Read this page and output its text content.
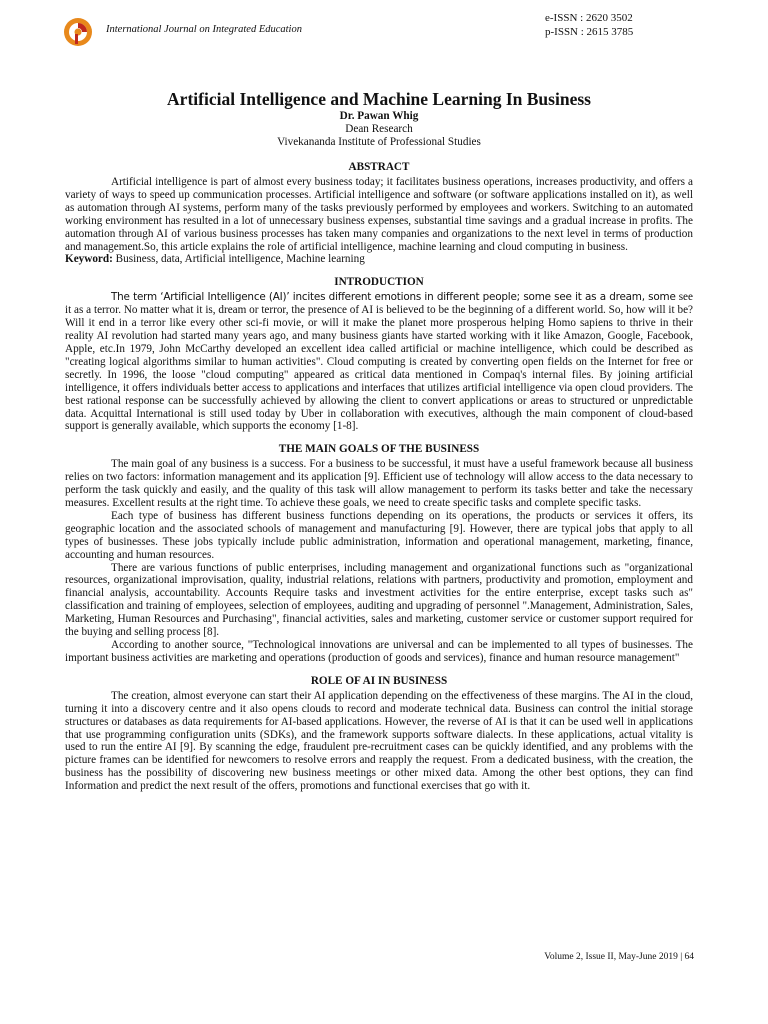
International Journal on Integrated Education
e-ISSN : 2620 3502
p-ISSN : 2615 3785
Artificial Intelligence and Machine Learning In Business
Dr. Pawan Whig
Dean Research
Vivekananda Institute of Professional Studies
ABSTRACT

Artificial intelligence is part of almost every business today; it facilitates business operations, increases productivity, and offers a variety of ways to speed up communication processes. Artificial intelligence and software (or software applications installed on it), as well as automation through AI systems, perform many of the tasks previously performed by employees and workers. Switching to an automated working environment has resulted in a lot of unnecessary business expenses, substantial time savings and a gradual increase in profits. The automation through AI of various business processes has taken many companies and organizations to the next level in terms of production and management.So, this article explains the role of artificial intelligence, machine learning and cloud computing in business.

Keyword: Business, data, Artificial intelligence, Machine learning

INTRODUCTION

The term ‘Artificial Intelligence (AI)’ incites different emotions in different people; some see it as a dream, some see it as a terror. No matter what it is, dream or terror, the presence of AI is believed to be the beginning of a different world. So, how will it be? Will it end in a terror like every other sci-fi movie, or will it make the planet more prosperous helping Homo sapiens to thrive in their reality AI revolution had started many years ago, and many business giants have started working with it like Amazon, Google, Facebook, Apple, etc.In 1979, John McCarthy developed an excellent idea called artificial or machine intelligence, which could be described as "creating logical algorithms similar to human activities". Cloud computing is created by converting open fields on the Internet for free or secretly. In 1996, the loose "cloud computing" appeared as critical data mentioned in Compaq's internal files. By joining artificial intelligence, it offers individuals better access to applications and interfaces that utilizes artificial intelligence via open cloud providers. The best rational response can be successfully achieved by allowing the client to convert applications or areas to structured or unpredictable data. Acquittal International is still used today by Uber in collaboration with executives, although the main component of cloud-based support is generally available, which supports the economy [1-8].

THE MAIN GOALS OF THE BUSINESS

The main goal of any business is a success. For a business to be successful, it must have a useful framework because all business relies on two factors: information management and its application [9]. Efficient use of technology will allow access to the data necessary to perform the task quickly and easily, and the quality of this task will allow management to perform its tasks better and take the necessary measures. Excellent results at the right time. To achieve these goals, we need to create specific tasks and complete specific tasks.

Each type of business has different business functions depending on its operations, the products or services it offers, its geographic location and the associated schools of management and manufacturing [9]. However, there are typical jobs that apply to all types of businesses. These jobs typically include public administration, information and operational management, marketing, finance, accounting and human resources.

There are various functions of public enterprises, including management and organizational functions such as "organizational resources, organizational improvisation, quality, industrial relations, relations with partners, productivity and promotion, employment and financial analysis, accountability. Accounts Require tasks and investment activities for the entire enterprise, except tasks such as" classification and training of employees, selection of employees, auditing and upgrading of personnel ".Management, Administration, Sales, Marketing, Human Resources and Purchasing", financial activities, sales and marketing, customer service or customer support required for the buying and selling process [8].

According to another source, "Technological innovations are universal and can be implemented to all types of businesses. The important business activities are marketing and operations (production of goods and services), finance and human resource management"

ROLE OF AI IN BUSINESS

The creation, almost everyone can start their AI application depending on the effectiveness of these margins. The AI in the cloud, turning it into a discovery centre and it also opens clouds to record and moderate technical data. Business can control the initial storage structures or databases as data requirements for AI-based applications. However, the reverse of AI is that it can be used well in applications that use programming configuration units (SDKs), and the framework supports software dialects. In these applications, actual vitality is used to run the entire AI [9]. By scanning the edge, fraudulent pre-recruitment cases can be quickly identified, and any problems with the picture frames can be identified for newcomers to resolve errors and reapply the request. From a dedicated business, with the creation, the business has the possibility of discovering new business meetings or other mixed data. Among the other best options, they can find Information and predict the next result of the offers, promotions and functional exercises that go with it.

Volume 2, Issue II, May-June 2019 | 64
